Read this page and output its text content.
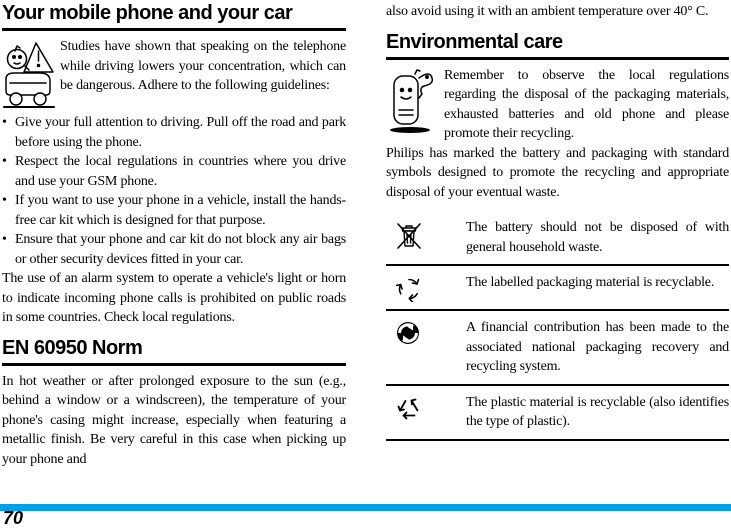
Your mobile phone and your car
Studies have shown that speaking on the telephone while driving lowers your concentration, which can be dangerous. Adhere to the following guidelines:
• Give your full attention to driving. Pull off the road and park before using the phone.
• Respect the local regulations in countries where you drive and use your GSM phone.
• If you want to use your phone in a vehicle, install the hands-free car kit which is designed for that purpose.
• Ensure that your phone and car kit do not block any air bags or other security devices fitted in your car.

The use of an alarm system to operate a vehicle's light or horn to indicate incoming phone calls is prohibited on public roads in some countries. Check local regulations.

EN 60950 Norm

In hot weather or after prolonged exposure to the sun (e.g., behind a window or a windscreen), the temperature of your phone's casing might increase, especially when featuring a metallic finish. Be very careful in this case when picking up your phone and

also avoid using it with an ambient temperature over 40° C.

Environmental care
Remember to observe the local regulations regarding the disposal of the packaging materials, exhausted batteries and old phone and please promote their recycling.

Philips has marked the battery and packaging with standard symbols designed to promote the recycling and appropriate disposal of your eventual waste.

The battery should not be disposed of with general household waste.
The labelled packaging material is recyclable.
A financial contribution has been made to the associated national packaging recovery and recycling system.
The plastic material is recyclable (also identifies the type of plastic).
70
